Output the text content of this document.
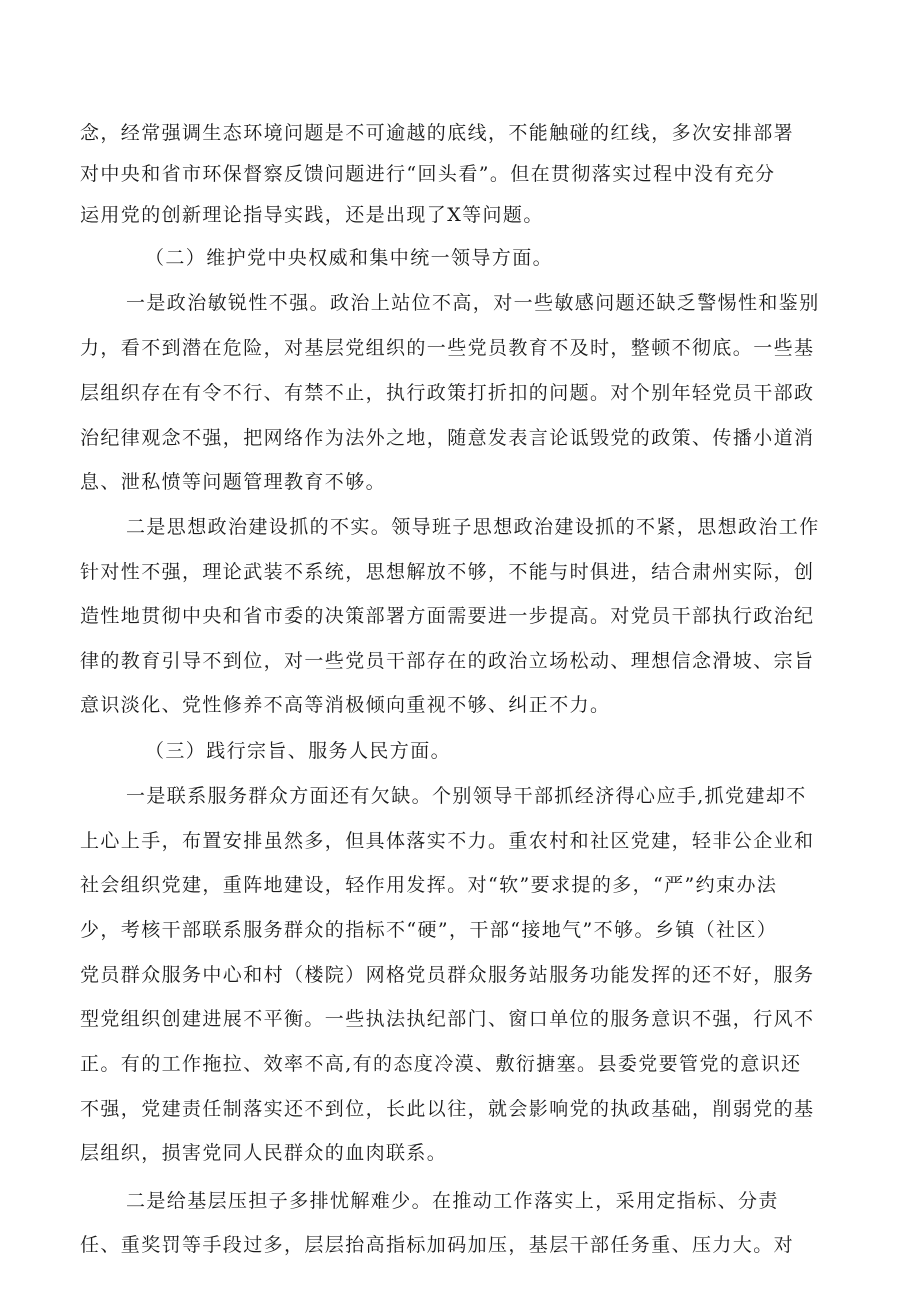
念，经常强调生态环境问题是不可逾越的底线，不能触碰的红线，多次安排部署

对中央和省市环保督察反馈问题进行“回头看”。但在贯彻落实过程中没有充分

运用党的创新理论指导实践，还是出现了X等问题。

（二）维护党中央权威和集中统一领导方面。

一是政治敏锐性不强。政治上站位不高，对一些敏感问题还缺乏警惕性和鉴别

力，看不到潜在危险，对基层党组织的一些党员教育不及时，整顿不彻底。一些基

层组织存在有令不行、有禁不止，执行政策打折扣的问题。对个别年轻党员干部政

治纪律观念不强，把网络作为法外之地，随意发表言论诋毁党的政策、传播小道消

息、泄私愤等问题管理教育不够。

二是思想政治建设抓的不实。领导班子思想政治建设抓的不紧，思想政治工作

针对性不强，理论武装不系统，思想解放不够，不能与时俱进，结合肃州实际，创

造性地贯彻中央和省市委的决策部署方面需要进一步提高。对党员干部执行政治纪

律的教育引导不到位，对一些党员干部存在的政治立场松动、理想信念滑坡、宗旨

意识淡化、党性修养不高等消极倾向重视不够、纠正不力。

（三）践行宗旨、服务人民方面。

一是联系服务群众方面还有欠缺。个别领导干部抓经济得心应手,抓党建却不

上心上手，布置安排虽然多，但具体落实不力。重农村和社区党建，轻非公企业和

社会组织党建，重阵地建设，轻作用发挥。对“软”要求提的多，“严”约束办法

少，考核干部联系服务群众的指标不“硬”，干部“接地气”不够。乡镇（社区）

党员群众服务中心和村（楼院）网格党员群众服务站服务功能发挥的还不好，服务

型党组织创建进展不平衡。一些执法执纪部门、窗口单位的服务意识不强，行风不

正。有的工作拖拉、效率不高,有的态度冷漠、敷衍搪塞。县委党要管党的意识还

不强，党建责任制落实还不到位，长此以往，就会影响党的执政基础，削弱党的基

层组织，损害党同人民群众的血肉联系。

二是给基层压担子多排忧解难少。在推动工作落实上，采用定指标、分责

任、重奖罚等手段过多，层层抬高指标加码加压，基层干部任务重、压力大。对
